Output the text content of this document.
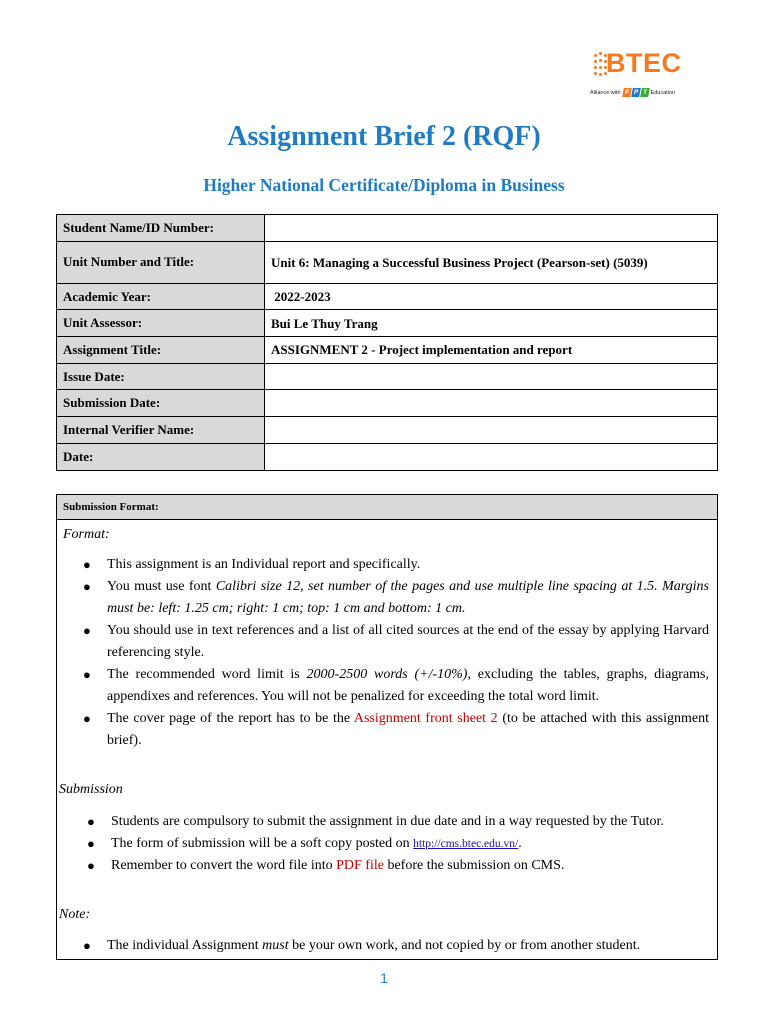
BTEC
Alliance with F P T Education
Assignment Brief 2 (RQF)
Higher National Certificate/Diploma in Business
Student Name/ID Number:	
Unit Number and Title:	Unit 6: Managing a Successful Business Project (Pearson-set) (5039)
Academic Year:	2022-2023
Unit Assessor:	Bui Le Thuy Trang
Assignment Title:	ASSIGNMENT 2 - Project implementation and report
Issue Date:	
Submission Date:	
Internal Verifier Name:	
Date:	
Submission Format:
Format:
● This assignment is an Individual report and specifically.
● You must use font Calibri size 12, set number of the pages and use multiple line spacing at 1.5. Margins must be: left: 1.25 cm; right: 1 cm; top: 1 cm and bottom: 1 cm.
● You should use in text references and a list of all cited sources at the end of the essay by applying Harvard referencing style.
● The recommended word limit is 2000-2500 words (+/-10%), excluding the tables, graphs, diagrams, appendixes and references. You will not be penalized for exceeding the total word limit.
● The cover page of the report has to be the Assignment front sheet 2 (to be attached with this assignment brief).
Submission
● Students are compulsory to submit the assignment in due date and in a way requested by the Tutor.
● The form of submission will be a soft copy posted on http://cms.btec.edu.vn/.
● Remember to convert the word file into PDF file before the submission on CMS.
Note:
● The individual Assignment must be your own work, and not copied by or from another student.
1
